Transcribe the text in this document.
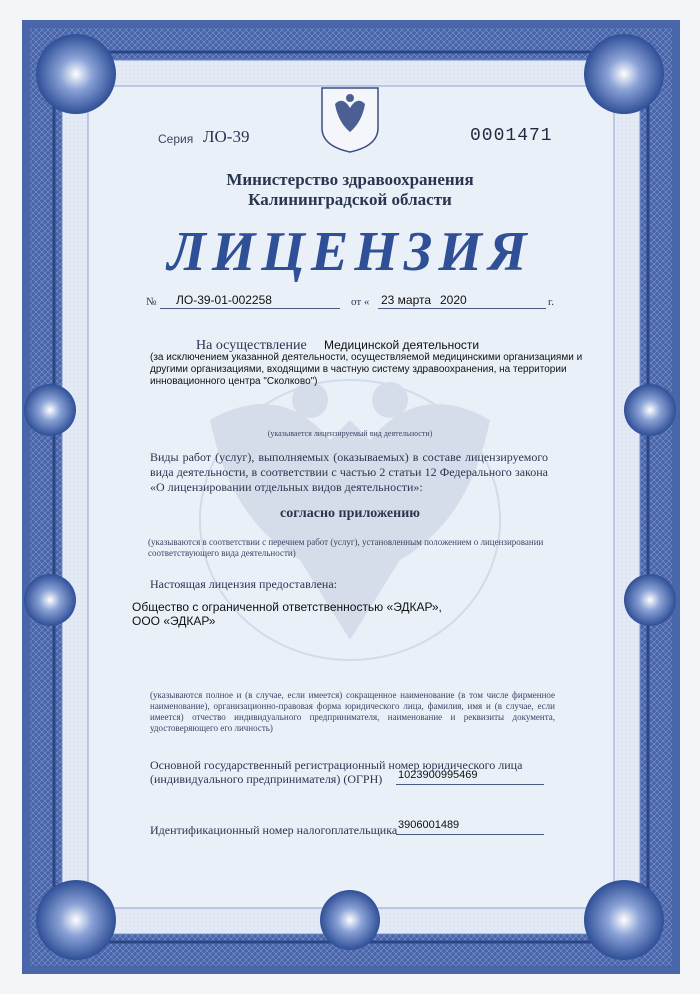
Серия ЛО-39	0001471
Министерство здравоохранения
Калининградской области
ЛИЦЕНЗИЯ
№ ЛО-39-01-002258	от « 23 марта 2020	г.
На осуществление Медицинской деятельности
(за исключением указанной деятельности, осуществляемой медицинскими организациями и другими организациями, входящими в частную систему здравоохранения, на территории инновационного центра "Сколково")
(указывается лицензируемый вид деятельности)
Виды работ (услуг), выполняемых (оказываемых) в составе лицензируемого вида деятельности, в соответствии с частью 2 статьи 12 Федерального закона «О лицензировании отдельных видов деятельности»:
согласно приложению
(указываются в соответствии с перечнем работ (услуг), установленным положением о лицензировании соответствующего вида деятельности)
Настоящая лицензия предоставлена:
Общество с ограниченной ответственностью «ЭДКАР»,
ООО «ЭДКАР»
(указываются полное и (в случае, если имеется) сокращенное наименование (в том числе фирменное наименование), организационно-правовая форма юридического лица, фамилия, имя и (в случае, если имеется) отчество индивидуального предпринимателя, наименование и реквизиты документа, удостоверяющего его личность)
Основной государственный регистрационный номер юридического лица
(индивидуального предпринимателя) (ОГРН) 1023900995469
Идентификационный номер налогоплательщика 3906001489
